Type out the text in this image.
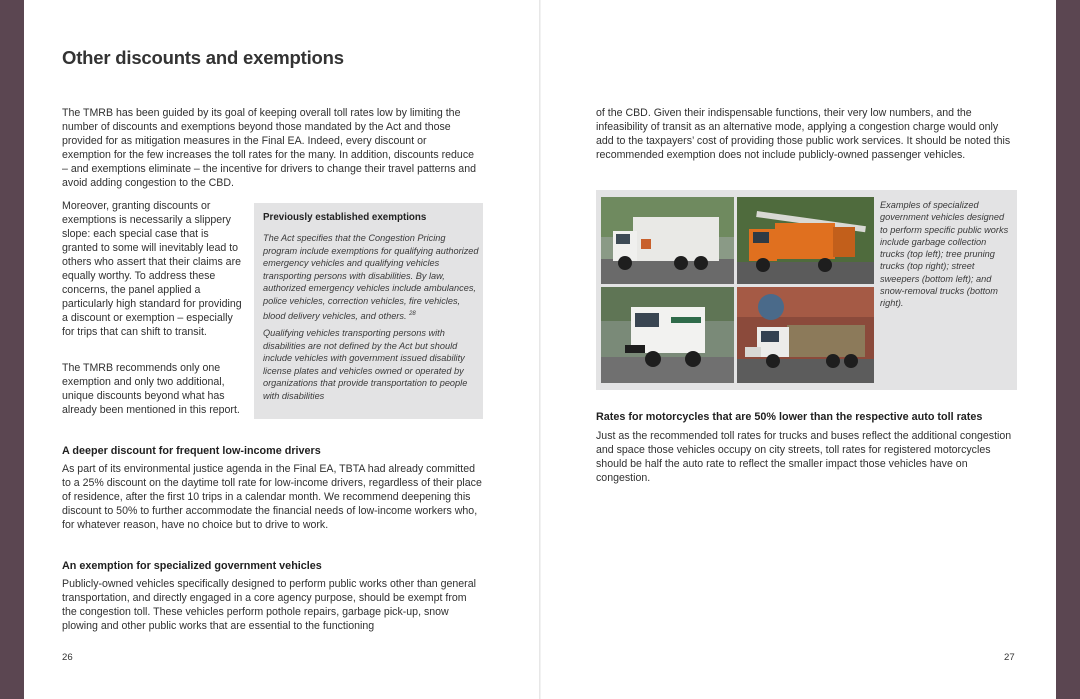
Other discounts and exemptions

The TMRB has been guided by its goal of keeping overall toll rates low by limiting the number of discounts and exemptions beyond those mandated by the Act and those provided for as mitigation measures in the Final EA. Indeed, every discount or exemption for the few increases the toll rates for the many. In addition, discounts reduce – and exemptions eliminate – the incentive for drivers to change their travel patterns and avoid adding congestion to the CBD.

Moreover, granting discounts or exemptions is necessarily a slippery slope: each special case that is granted to some will inevitably lead to others who assert that their claims are equally worthy. To address these concerns, the panel applied a particularly high standard for providing a discount or exemption – especially for trips that can shift to transit.

The TMRB recommends only one exemption and only two additional, unique discounts beyond what has already been mentioned in this report.

Previously established exemptions

The Act specifies that the Congestion Pricing program include exemptions for qualifying authorized emergency vehicles and qualifying vehicles transporting persons with disabilities. By law, authorized emergency vehicles include ambulances, police vehicles, correction vehicles, fire vehicles, blood delivery vehicles, and others. $^{28}$

Qualifying vehicles transporting persons with disabilities are not defined by the Act but should include vehicles with government issued disability license plates and vehicles owned or operated by organizations that provide transportation to people with disabilities

A deeper discount for frequent low-income drivers

As part of its environmental justice agenda in the Final EA, TBTA had already committed to a 25% discount on the daytime toll rate for low-income drivers, regardless of their place of residence, after the first 10 trips in a calendar month. We recommend deepening this discount to 50% to further accommodate the financial needs of low-income workers who, for whatever reason, have no choice but to drive to work.

An exemption for specialized government vehicles

Publicly-owned vehicles specifically designed to perform public works other than general transportation, and directly engaged in a core agency purpose, should be exempt from the congestion toll. These vehicles perform pothole repairs, garbage pick-up, snow plowing and other public works that are essential to the functioning

26

of the CBD. Given their indispensable functions, their very low numbers, and the infeasibility of transit as an alternative mode, applying a congestion charge would only add to the taxpayers’ cost of providing those public work services. It should be noted this recommended exemption does not include publicly-owned passenger vehicles.

Examples of specialized government vehicles designed to perform specific public works include garbage collection trucks (top left); tree pruning trucks (top right); street sweepers (bottom left); and snow-removal trucks (bottom right).

Rates for motorcycles that are 50% lower than the respective auto toll rates

Just as the recommended toll rates for trucks and buses reflect the additional congestion and space those vehicles occupy on city streets, toll rates for registered motorcycles should be half the auto rate to reflect the smaller impact those vehicles have on congestion.

27
